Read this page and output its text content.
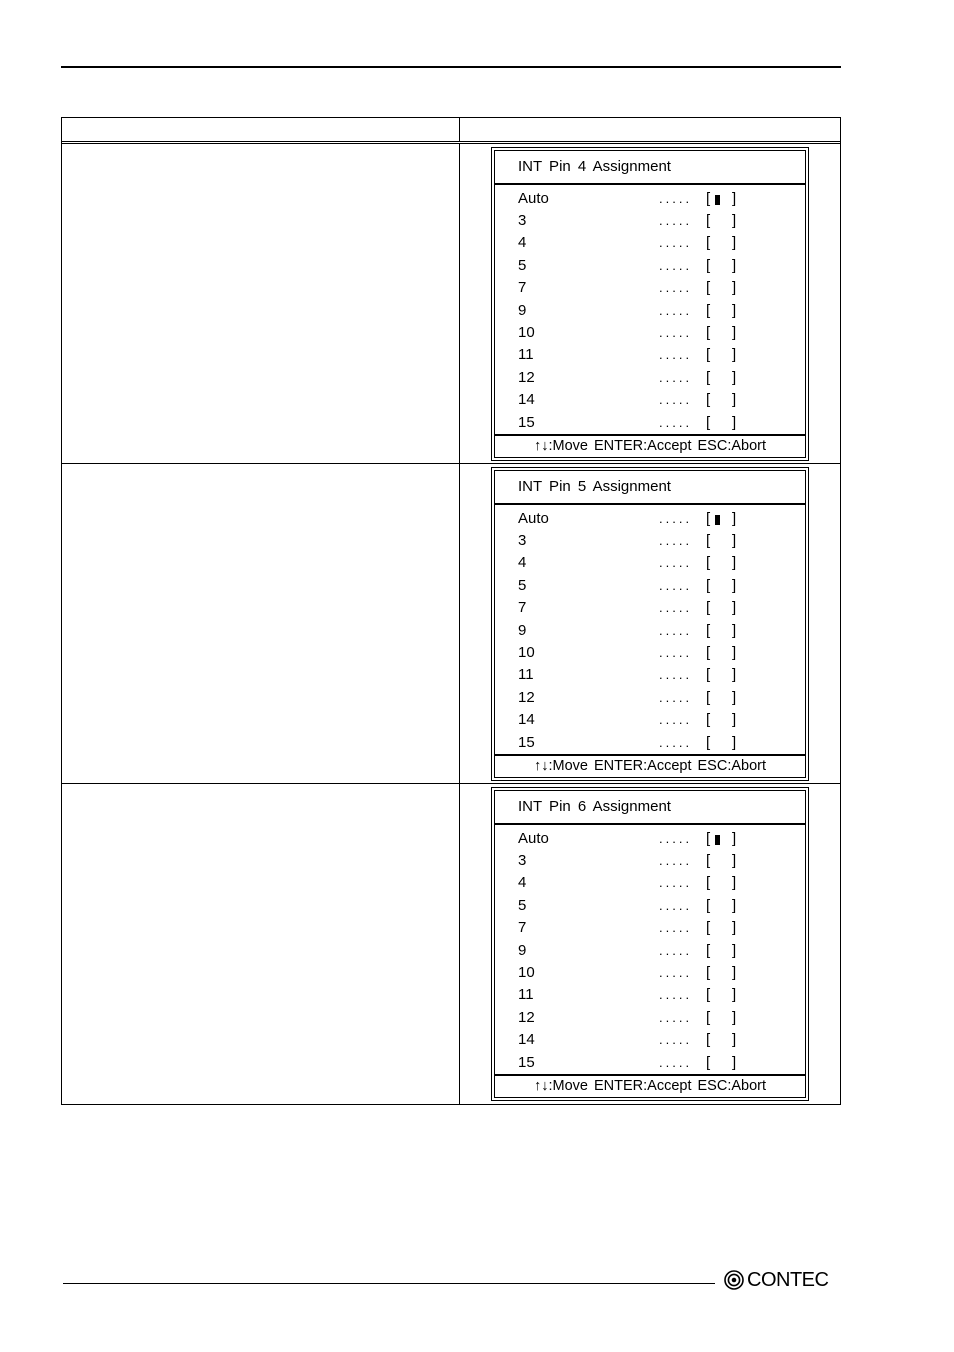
INT Pin 4 Assignment
Auto	..... [ ]
3	..... [ ]
4	..... [ ]
5	..... [ ]
7	..... [ ]
9	..... [ ]
10	..... [ ]
11	..... [ ]
12	..... [ ]
14	..... [ ]
15	..... [ ]
↑↓:Move ENTER:Accept ESC:Abort
INT Pin 5 Assignment
Auto	..... [ ]
3	..... [ ]
4	..... [ ]
5	..... [ ]
7	..... [ ]
9	..... [ ]
10	..... [ ]
11	..... [ ]
12	..... [ ]
14	..... [ ]
15	..... [ ]
↑↓:Move ENTER:Accept ESC:Abort
INT Pin 6 Assignment
Auto	..... [ ]
3	..... [ ]
4	..... [ ]
5	..... [ ]
7	..... [ ]
9	..... [ ]
10	..... [ ]
11	..... [ ]
12	..... [ ]
14	..... [ ]
15	..... [ ]
↑↓:Move ENTER:Accept ESC:Abort
CONTEC
